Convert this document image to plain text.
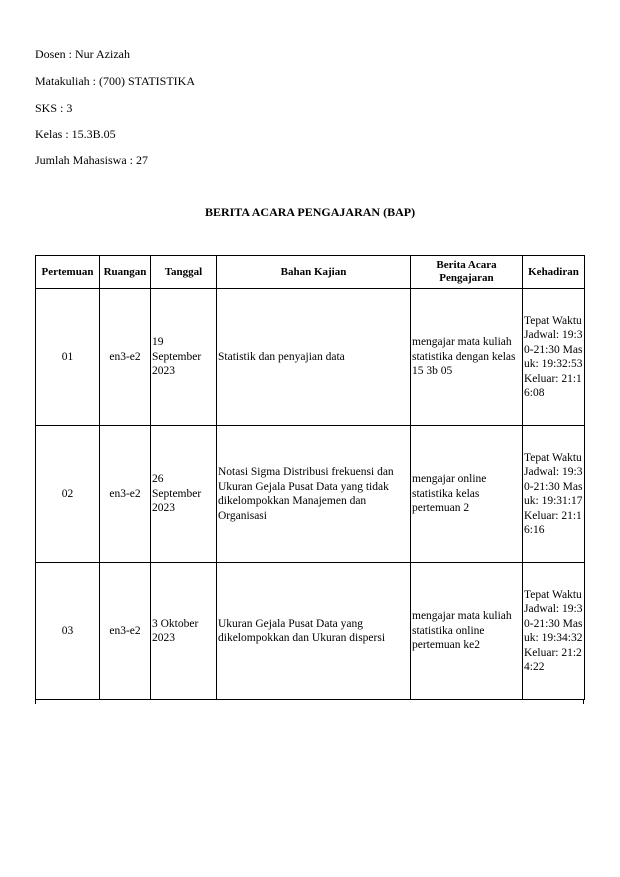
Dosen : Nur Azizah
Matakuliah : (700) STATISTIKA
SKS : 3
Kelas : 15.3B.05
Jumlah Mahasiswa : 27
BERITA ACARA PENGAJARAN (BAP)
Pertemuan	Ruangan	Tanggal	Bahan Kajian	Berita Acara Pengajaran	Kehadiran
01	en3-e2	19 September 2023	Statistik dan penyajian data	mengajar mata kuliah statistika dengan kelas 15 3b 05	Tepat Waktu Jadwal: 19:30-21:30 Masuk: 19:32:53 Keluar: 21:16:08
02	en3-e2	26 September 2023	Notasi Sigma Distribusi frekuensi dan Ukuran Gejala Pusat Data yang tidak dikelompokkan Manajemen dan Organisasi	mengajar online statistika kelas pertemuan 2	Tepat Waktu Jadwal: 19:30-21:30 Masuk: 19:31:17 Keluar: 21:16:16
03	en3-e2	3 Oktober 2023	Ukuran Gejala Pusat Data yang dikelompokkan dan Ukuran dispersi	mengajar mata kuliah statistika online pertemuan ke2	Tepat Waktu Jadwal: 19:30-21:30 Masuk: 19:34:32 Keluar: 21:24:22
